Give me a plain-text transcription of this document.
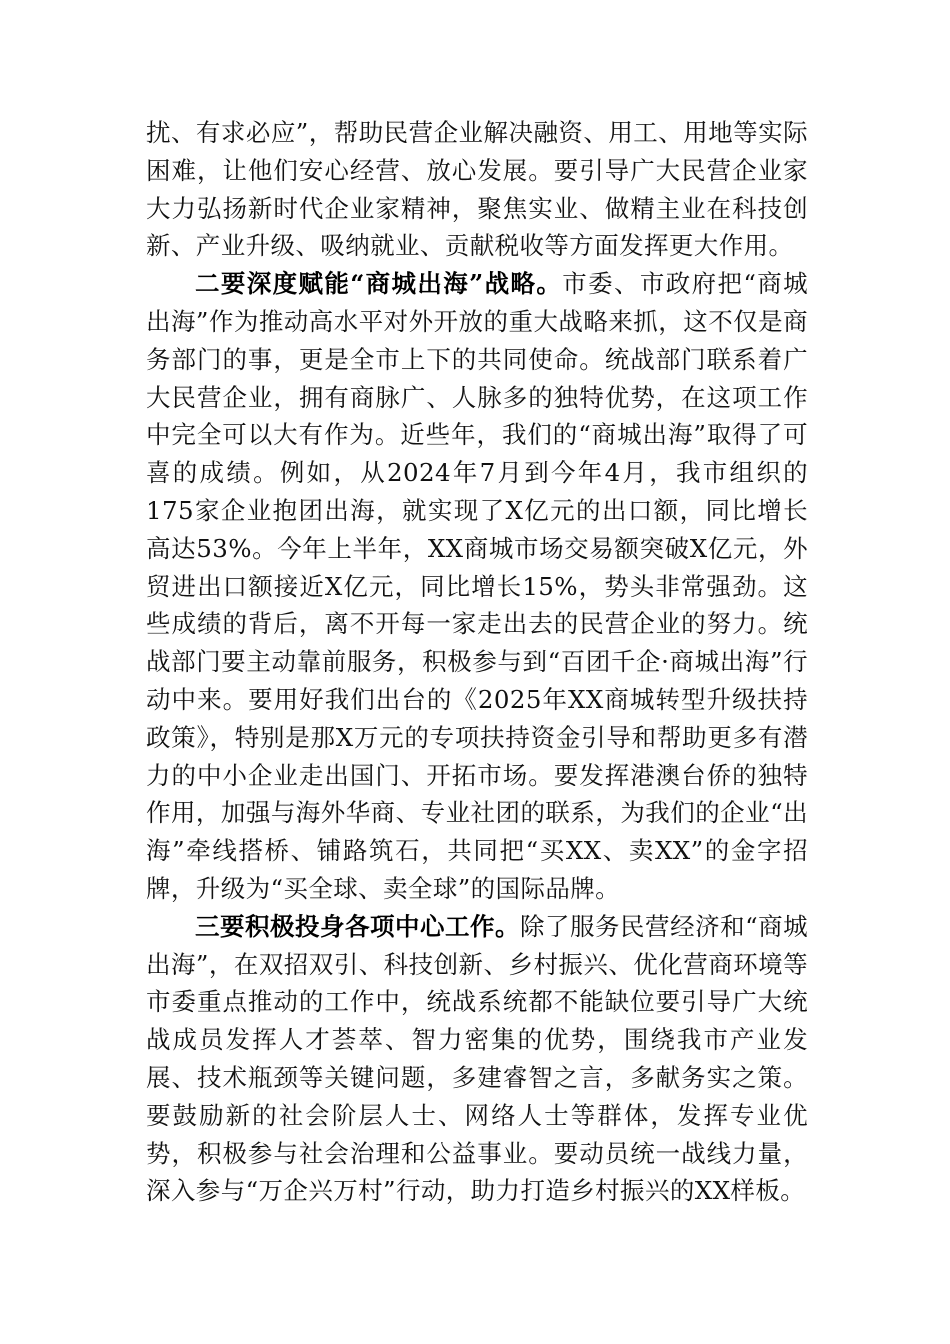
扰、有求必应”，帮助民营企业解决融资、用工、用地等实际困难，让他们安心经营、放心发展。要引导广大民营企业家大力弘扬新时代企业家精神，聚焦实业、做精主业在科技创新、产业升级、吸纳就业、贡献税收等方面发挥更大作用。

二要深度赋能“商城出海”战略。市委、市政府把“商城出海”作为推动高水平对外开放的重大战略来抓，这不仅是商务部门的事，更是全市上下的共同使命。统战部门联系着广大民营企业，拥有商脉广、人脉多的独特优势，在这项工作中完全可以大有作为。近些年，我们的“商城出海”取得了可喜的成绩。例如，从2024年7月到今年4月，我市组织的175家企业抱团出海，就实现了X亿元的出口额，同比增长高达53%。今年上半年，XX商城市场交易额突破X亿元，外贸进出口额接近X亿元，同比增长15%，势头非常强劲。这些成绩的背后，离不开每一家走出去的民营企业的努力。统战部门要主动靠前服务，积极参与到“百团千企·商城出海”行动中来。要用好我们出台的《2025年XX商城转型升级扶持政策》，特别是那X万元的专项扶持资金引导和帮助更多有潜力的中小企业走出国门、开拓市场。要发挥港澳台侨的独特作用，加强与海外华商、专业社团的联系，为我们的企业“出海”牵线搭桥、铺路筑石，共同把“买XX、卖XX”的金字招牌，升级为“买全球、卖全球”的国际品牌。

三要积极投身各项中心工作。除了服务民营经济和“商城出海”，在双招双引、科技创新、乡村振兴、优化营商环境等市委重点推动的工作中，统战系统都不能缺位要引导广大统战成员发挥人才荟萃、智力密集的优势，围绕我市产业发展、技术瓶颈等关键问题，多建睿智之言，多献务实之策。要鼓励新的社会阶层人士、网络人士等群体，发挥专业优势，积极参与社会治理和公益事业。要动员统一战线力量，深入参与“万企兴万村”行动，助力打造乡村振兴的XX样板。
